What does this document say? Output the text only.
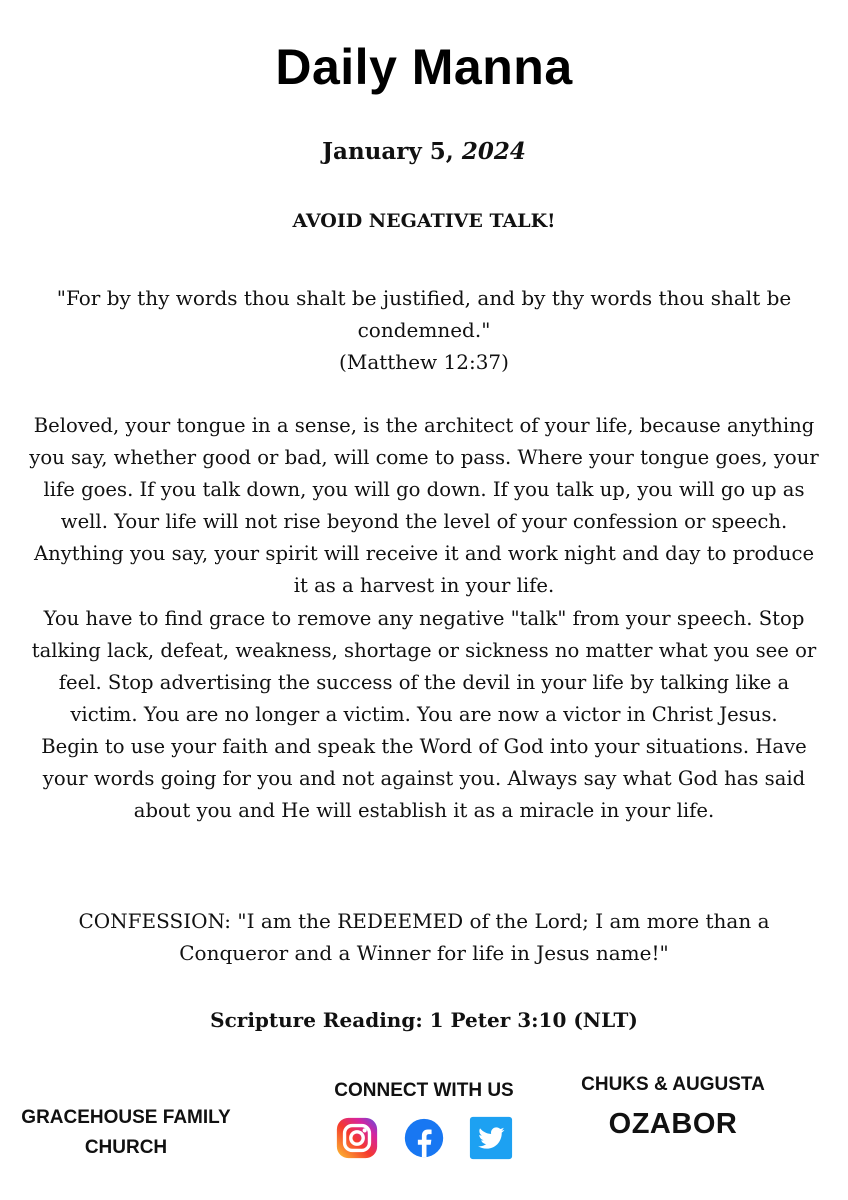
Daily Manna
January 5, 2024
AVOID NEGATIVE TALK!
"For by thy words thou shalt be justified, and by thy words thou shalt be condemned."
(Matthew 12:37)

Beloved, your tongue in a sense, is the architect of your life, because anything you say, whether good or bad, will come to pass. Where your tongue goes, your life goes. If you talk down, you will go down. If you talk up, you will go up as well. Your life will not rise beyond the level of your confession or speech. Anything you say, your spirit will receive it and work night and day to produce it as a harvest in your life.

You have to find grace to remove any negative "talk" from your speech. Stop talking lack, defeat, weakness, shortage or sickness no matter what you see or feel. Stop advertising the success of the devil in your life by talking like a victim. You are no longer a victim. You are now a victor in Christ Jesus.

Begin to use your faith and speak the Word of God into your situations. Have your words going for you and not against you. Always say what God has said about you and He will establish it as a miracle in your life.

CONFESSION: "I am the REDEEMED of the Lord; I am more than a Conqueror and a Winner for life in Jesus name!"
Scripture Reading: 1 Peter 3:10 (NLT)
GRACEHOUSE FAMILY
CHURCH
CONNECT WITH US	CHUKS & AUGUSTA
OZABOR
